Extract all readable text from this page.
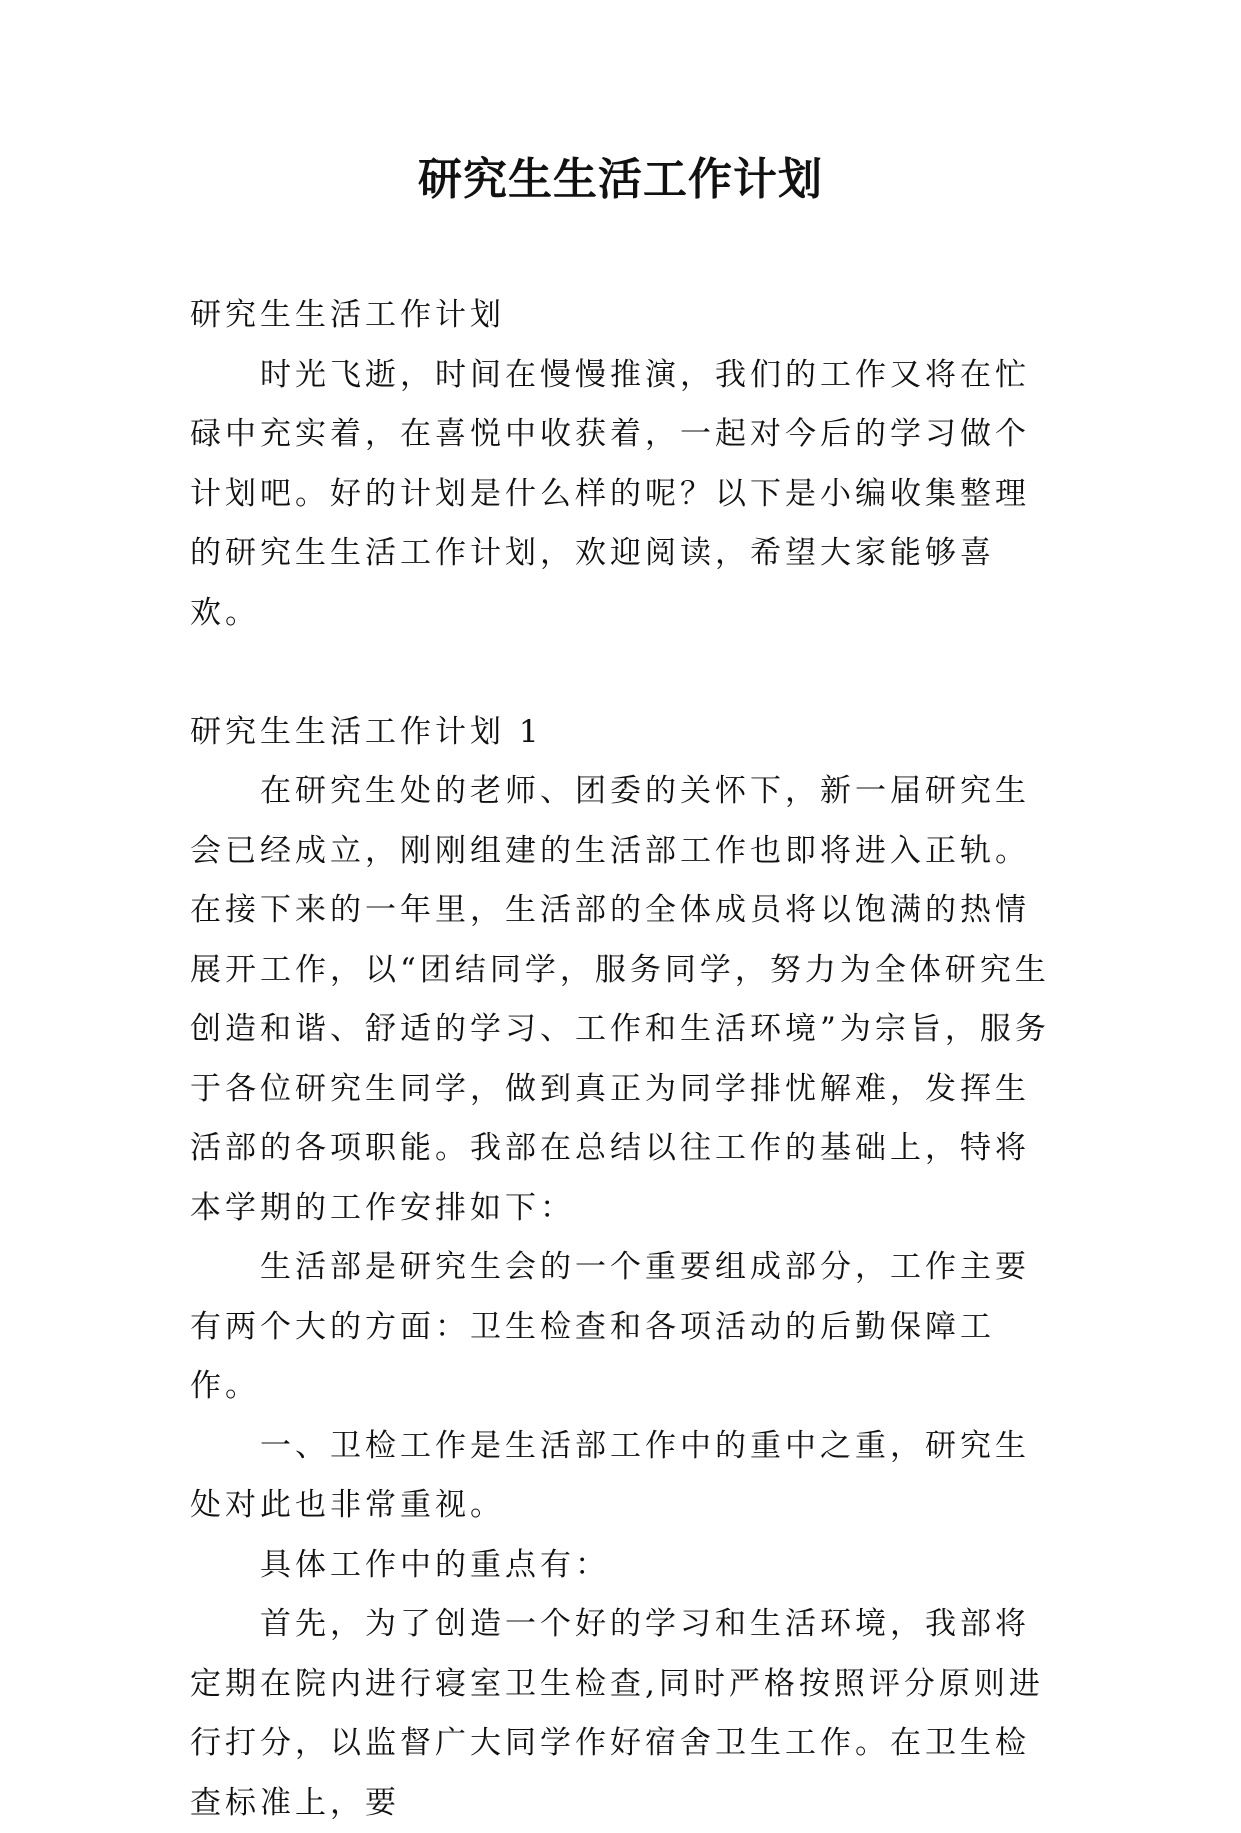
研究生生活工作计划

研究生生活工作计划

时光飞逝，时间在慢慢推演，我们的工作又将在忙碌中充实着，在喜悦中收获着，一起对今后的学习做个计划吧。好的计划是什么样的呢？以下是小编收集整理的研究生生活工作计划，欢迎阅读，希望大家能够喜欢。

研究生生活工作计划 1

在研究生处的老师、团委的关怀下，新一届研究生会已经成立，刚刚组建的生活部工作也即将进入正轨。在接下来的一年里，生活部的全体成员将以饱满的热情展开工作，以“团结同学，服务同学，努力为全体研究生创造和谐、舒适的学习、工作和生活环境”为宗旨，服务于各位研究生同学，做到真正为同学排忧解难，发挥生活部的各项职能。我部在总结以往工作的基础上，特将本学期的工作安排如下：

生活部是研究生会的一个重要组成部分，工作主要有两个大的方面：卫生检查和各项活动的后勤保障工作。

一、卫检工作是生活部工作中的重中之重，研究生处对此也非常重视。

具体工作中的重点有：

首先，为了创造一个好的学习和生活环境，我部将定期在院内进行寝室卫生检查,同时严格按照评分原则进行打分，以监督广大同学作好宿舍卫生工作。在卫生检查标准上，要
